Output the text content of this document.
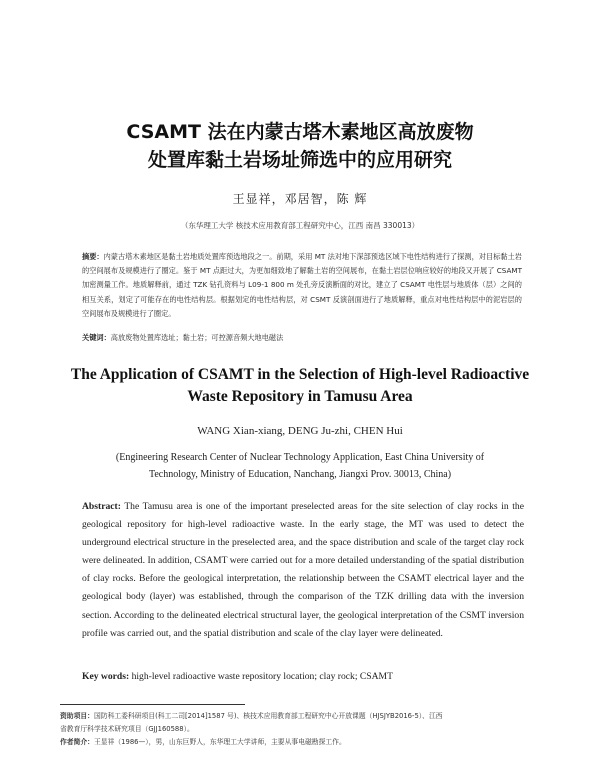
CSAMT 法在内蒙古塔木素地区高放废物
处置库黏土岩场址筛选中的应用研究
王显祥，邓居智，陈 辉
（东华理工大学 核技术应用教育部工程研究中心，江西 南昌 330013）
摘要：内蒙古塔木素地区是黏土岩地质处置库预选地段之一。前期，采用 MT 法对地下深部预选区域下电性结构进行了探测，对目标黏土岩的空间展布及规模进行了圈定。鉴于 MT 点距过大，为更加细致地了解黏土岩的空间展布，在黏土岩层位响应较好的地段又开展了 CSAMT 加密测量工作。地质解释前，通过 TZK 钻孔资料与 L09-1 800 m 处孔旁反演断面的对比，建立了 CSAMT 电性层与地质体（层）之间的相互关系，划定了可能存在的电性结构层。根据划定的电性结构层，对 CSMT 反演剖面进行了地质解释，重点对电性结构层中的泥岩层的空间展布及规模进行了圈定。
关键词：高放废物处置库选址；黏土岩；可控源音频大地电磁法
The Application of CSAMT in the Selection of High-level Radioactive
Waste Repository in Tamusu Area
WANG Xian-xiang, DENG Ju-zhi, CHEN Hui
(Engineering Research Center of Nuclear Technology Application, East China University of
Technology, Ministry of Education, Nanchang, Jiangxi Prov. 30013, China)
Abstract: The Tamusu area is one of the important preselected areas for the site selection of clay rocks in the geological repository for high-level radioactive waste. In the early stage, the MT was used to detect the underground electrical structure in the preselected area, and the space distribution and scale of the target clay rock were delineated. In addition, CSAMT were carried out for a more detailed understanding of the spatial distribution of clay rocks. Before the geological interpretation, the relationship between the CSAMT electrical layer and the geological body (layer) was established, through the comparison of the TZK drilling data with the inversion section. According to the delineated electrical structural layer, the geological interpretation of the CSMT inversion profile was carried out, and the spatial distribution and scale of the clay layer were delineated.
Key words: high-level radioactive waste repository location; clay rock; CSAMT
资助项目：国防科工委科研项目(科工二司[2014]1587 号)、核技术应用教育部工程研究中心开放课题（HJSJYB2016-5）、江西
省教育厅科学技术研究项目（GJJ160588）。
作者简介：王显祥（1986—），男，山东巨野人，东华理工大学讲师，主要从事电磁勘探工作。
